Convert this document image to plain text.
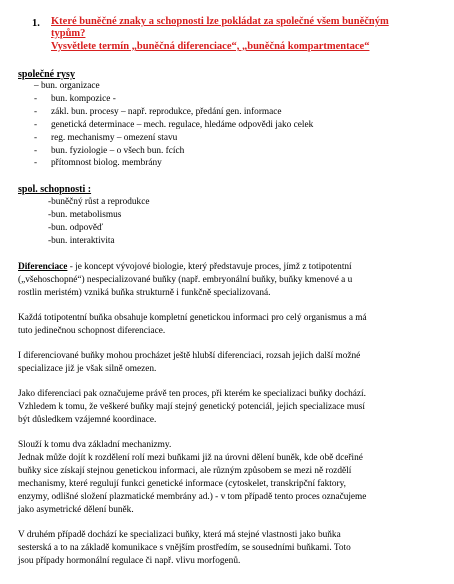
1. Které buněčné znaky a schopnosti lze pokládat za společné všem buněčným
typům?
Vysvětlete termín „buněčná diferenciace“, „buněčná kompartmentace“
společné rysy
– bun. organizace
- bun. kompozice -
- zákl. bun. procesy – např. reprodukce, předání gen. informace
- genetická determinace – mech. regulace, hledáme odpovědi jako celek
- reg. mechanismy – omezení stavu
- bun. fyziologie – o všech bun. fcích
- přítomnost biolog. membrány
spol. schopnosti :
-buněčný růst a reprodukce
-bun. metabolismus
-bun. odpověď
-bun. interaktivita
Diferenciace - je koncept vývojové biologie, který představuje proces, jímž z totipotentní
(„všehoschopné“) nespecializované buňky (např. embryonální buňky, buňky kmenové a u
rostlin meristém) vzniká buňka strukturně i funkčně specializovaná.
Každá totipotentní buňka obsahuje kompletní genetickou informaci pro celý organismus a má
tuto jedinečnou schopnost diferenciace.
I diferenciované buňky mohou procházet ještě hlubší diferenciaci, rozsah jejich další možné
specializace již je však silně omezen.
Jako diferenciaci pak označujeme právě ten proces, při kterém ke specializaci buňky dochází.
Vzhledem k tomu, že veškeré buňky mají stejný genetický potenciál, jejich specializace musí
být důsledkem vzájemné koordinace.
Slouží k tomu dva základní mechanizmy.
Jednak může dojít k rozdělení rolí mezi buňkami již na úrovni dělení buněk, kde obě dceřiné
buňky sice získají stejnou genetickou informaci, ale různým způsobem se mezi ně rozdělí
mechanismy, které regulují funkci genetické informace (cytoskelet, transkripční faktory,
enzymy, odlišné složení plazmatické membrány ad.) - v tom případě tento proces označujeme
jako asymetrické dělení buněk.
V druhém případě dochází ke specializaci buňky, která má stejné vlastnosti jako buňka
sesterská a to na základě komunikace s vnějším prostředím, se sousedními buňkami. Toto
jsou případy hormonální regulace či např. vlivu morfogenů.
